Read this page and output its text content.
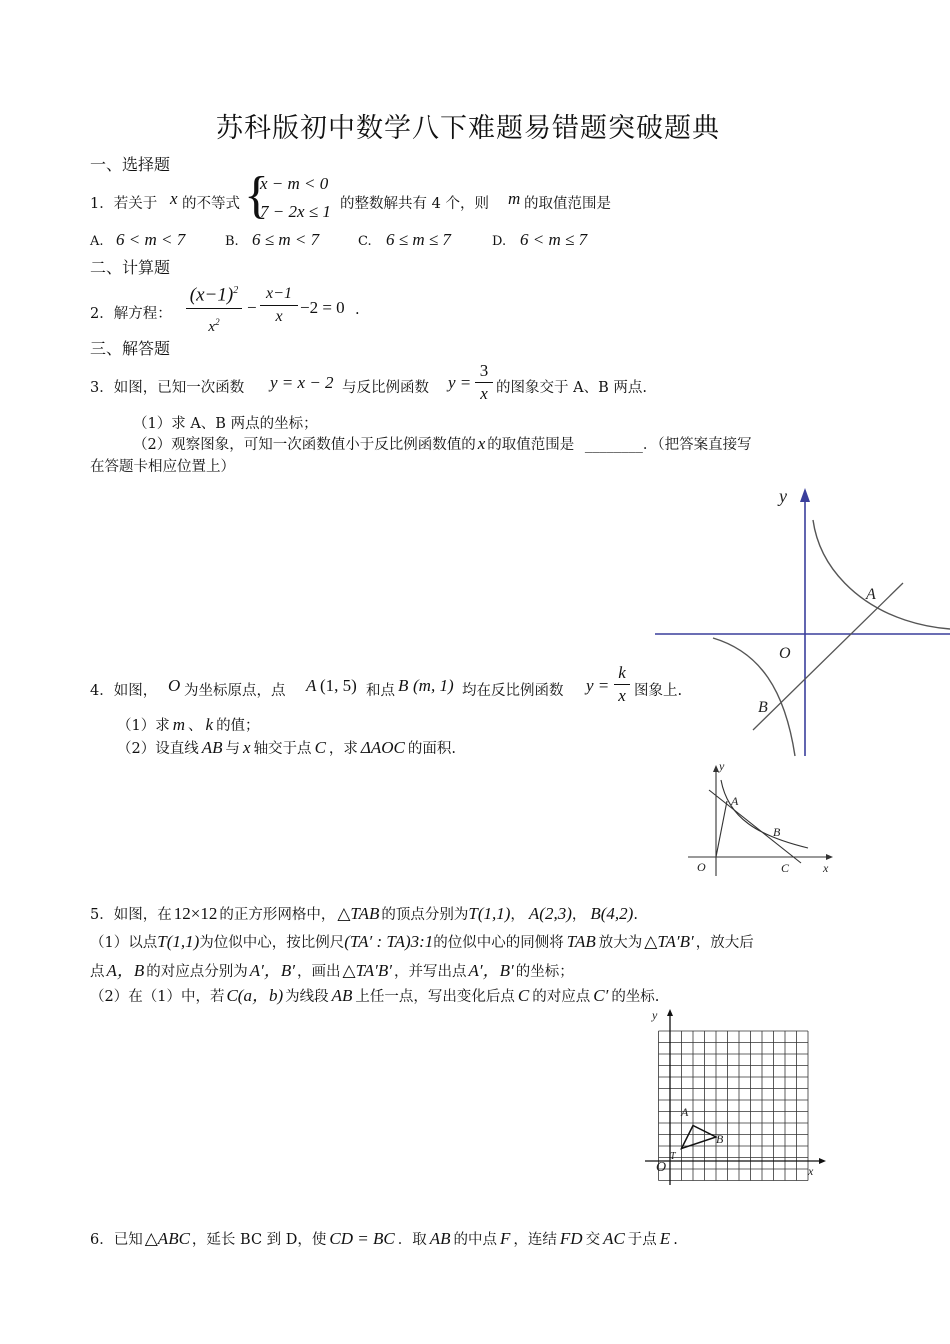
苏科版初中数学八下难题易错题突破题典
一、选择题
1．若关于 x 的不等式 {
x − m < 0
7 − 2x ≤ 1 的整数解共有 4 个，则 m 的取值范围是
A. 6 < m < 7	B. 6 ≤ m < 7	C. 6 ≤ m ≤ 7	D. 6 < m ≤ 7
二、计算题
2．解方程：
$(x-1)^2$
$x^2$
− $\frac{x-1}{x} -2 = 0$ .
三、解答题
3．如图，已知一次函数 y = x − 2 与反比例函数 $y = \frac{3}{x}$ 的图象交于 A、B 两点.
（1）求 A、B 两点的坐标；
（2）观察图象，可知一次函数值小于反比例函数值的 x 的取值范围是 ________．（把答案直接写
在答题卡相应位置上）
y
A
O
B
4．如图， O 为坐标原点，点 A (1, 5) 和点 B (m, 1) 均在反比例函数 $y = \frac{k}{x}$ 图象上.
（1）求 m 、 k 的值；
（2）设直线 AB 与 x 轴交于点 C ，求 ΔAOC 的面积.
y
A
B
O	C	x
5．如图，在 12×12 的正方形网格中， △TAB 的顶点分别为T(1,1)， A(2,3)， B(4,2).
（1）以点T(1,1)为位似中心，按比例尺(TA′ : TA)3:1的位似中心的同侧将 TAB 放大为 △TA′B′ ，放大后
点 A，B 的对应点分别为 A′，B′ ，画出 △TA′B′ ，并写出点 A′，B′ 的坐标；
（2）在（1）中，若 C(a，b) 为线段 AB 上任一点，写出变化后点 C 的对应点 C′ 的坐标.
y
x
O
T
A
B
6．已知 △ABC ，延长 BC 到 D，使 CD = BC ．取 AB 的中点 F ，连结 FD 交 AC 于点 E .
